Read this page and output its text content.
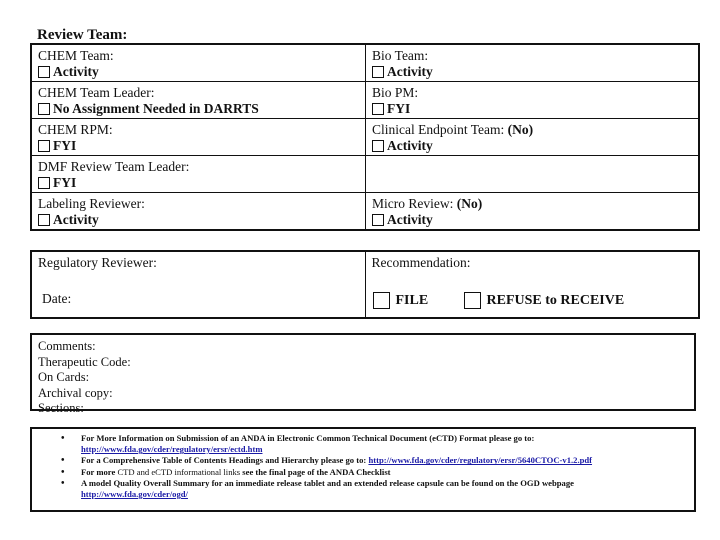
Review Team:
CHEM Team:
Activity
Bio Team:
Activity
CHEM Team Leader:
No Assignment Needed in DARRTS
Bio PM:
FYI
CHEM RPM:
FYI
Clinical Endpoint Team: (No)
Activity
DMF Review Team Leader:
FYI
Labeling Reviewer:
Activity
Micro Review: (No)
Activity
Regulatory Reviewer:
Date:
Recommendation:
FILE	REFUSE to RECEIVE
Comments:
Therapeutic Code:
On Cards:
Archival copy:
Sections:
• For More Information on Submission of an ANDA in Electronic Common Technical Document (eCTD) Format please go to:
http://www.fda.gov/cder/regulatory/ersr/ectd.htm
• For a Comprehensive Table of Contents Headings and Hierarchy please go to: http://www.fda.gov/cder/regulatory/ersr/5640CTOC-v1.2.pdf
• For more CTD and eCTD informational links see the final page of the ANDA Checklist
• A model Quality Overall Summary for an immediate release tablet and an extended release capsule can be found on the OGD webpage
http://www.fda.gov/cder/ogd/
